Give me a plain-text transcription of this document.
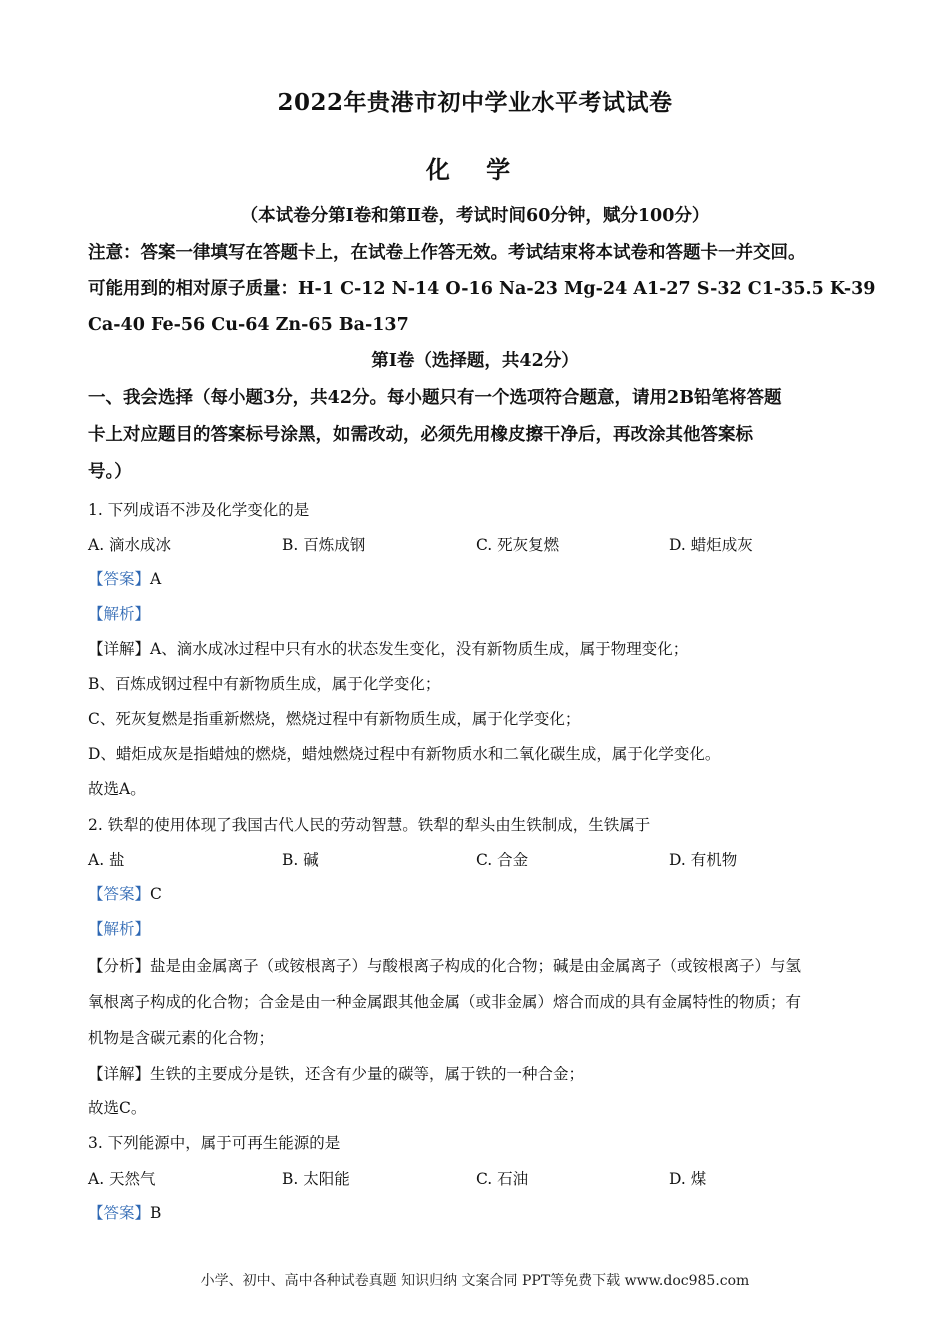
2022年贵港市初中学业水平考试试卷
化 学
（本试卷分第Ⅰ卷和第Ⅱ卷，考试时间60分钟，赋分100分）
注意：答案一律填写在答题卡上，在试卷上作答无效。考试结束将本试卷和答题卡一并交回。
可能用到的相对原子质量：H-1 C-12 N-14 O-16 Na-23 Mg-24 A1-27 S-32 C1-35.5 K-39
Ca-40 Fe-56 Cu-64 Zn-65 Ba-137
第Ⅰ卷（选择题，共42分）
一、我会选择（每小题3分，共42分。每小题只有一个选项符合题意，请用2B铅笔将答题
卡上对应题目的答案标号涂黑，如需改动，必须先用橡皮擦干净后，再改涂其他答案标
号。）
1. 下列成语不涉及化学变化的是
A. 滴水成冰	B. 百炼成钢	C. 死灰复燃	D. 蜡炬成灰
【答案】A
【解析】
【详解】A、滴水成冰过程中只有水的状态发生变化，没有新物质生成，属于物理变化；
B、百炼成钢过程中有新物质生成，属于化学变化；
C、死灰复燃是指重新燃烧，燃烧过程中有新物质生成，属于化学变化；
D、蜡炬成灰是指蜡烛的燃烧，蜡烛燃烧过程中有新物质水和二氧化碳生成，属于化学变化。
故选A。
2. 铁犁的使用体现了我国古代人民的劳动智慧。铁犁的犁头由生铁制成，生铁属于
A. 盐	B. 碱	C. 合金	D. 有机物
【答案】C
【解析】
【分析】盐是由金属离子（或铵根离子）与酸根离子构成的化合物；碱是由金属离子（或铵根离子）与氢
氧根离子构成的化合物；合金是由一种金属跟其他金属（或非金属）熔合而成的具有金属特性的物质；有
机物是含碳元素的化合物；
【详解】生铁的主要成分是铁，还含有少量的碳等，属于铁的一种合金；
故选C。
3. 下列能源中，属于可再生能源的是
A. 天然气	B. 太阳能	C. 石油	D. 煤
【答案】B
小学、初中、高中各种试卷真题 知识归纳 文案合同 PPT等免费下载 www.doc985.com
